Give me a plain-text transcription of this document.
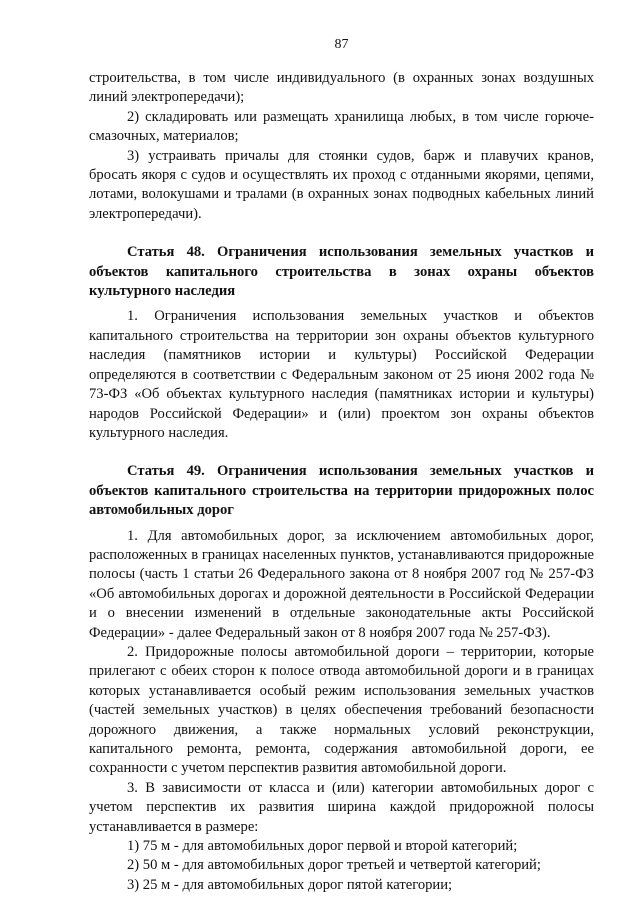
87

строительства, в том числе индивидуального (в охранных зонах воздушных линий электропередачи);

2) складировать или размещать хранилища любых, в том числе горюче-смазочных, материалов;

3) устраивать причалы для стоянки судов, барж и плавучих кранов, бросать якоря с судов и осуществлять их проход с отданными якорями, цепями, лотами, волокушами и тралами (в охранных зонах подводных кабельных линий электропередачи).

Статья 48. Ограничения использования земельных участков и объектов капитального строительства в зонах охраны объектов культурного наследия

1. Ограничения использования земельных участков и объектов капитального строительства на территории зон охраны объектов культурного наследия (памятников истории и культуры) Российской Федерации определяются в соответствии с Федеральным законом от 25 июня 2002 года № 73-ФЗ «Об объектах культурного наследия (памятниках истории и культуры) народов Российской Федерации» и (или) проектом зон охраны объектов культурного наследия.

Статья 49. Ограничения использования земельных участков и объектов капитального строительства на территории придорожных полос автомобильных дорог

1. Для автомобильных дорог, за исключением автомобильных дорог, расположенных в границах населенных пунктов, устанавливаются придорожные полосы (часть 1 статьи 26 Федерального закона от 8 ноября 2007 год № 257-ФЗ «Об автомобильных дорогах и дорожной деятельности в Российской Федерации и о внесении изменений в отдельные законодательные акты Российской Федерации» - далее Федеральный закон от 8 ноября 2007 года № 257-ФЗ).

2. Придорожные полосы автомобильной дороги – территории, которые прилегают с обеих сторон к полосе отвода автомобильной дороги и в границах которых устанавливается особый режим использования земельных участков (частей земельных участков) в целях обеспечения требований безопасности дорожного движения, а также нормальных условий реконструкции, капитального ремонта, ремонта, содержания автомобильной дороги, ее сохранности с учетом перспектив развития автомобильной дороги.

3. В зависимости от класса и (или) категории автомобильных дорог с учетом перспектив их развития ширина каждой придорожной полосы устанавливается в размере:

1) 75 м - для автомобильных дорог первой и второй категорий;

2) 50 м - для автомобильных дорог третьей и четвертой категорий;

3) 25 м - для автомобильных дорог пятой категории;
